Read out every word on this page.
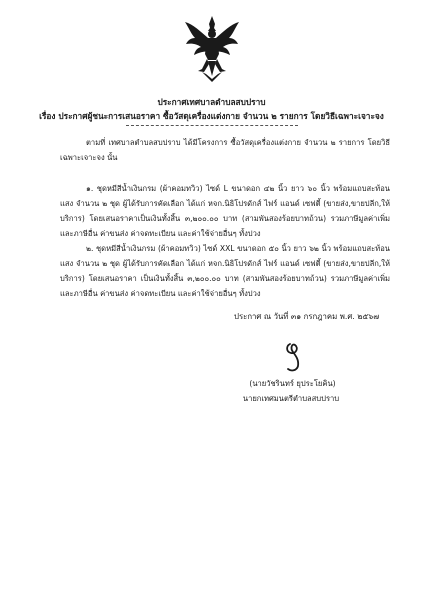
ประกาศเทศบาลตำบลสบปราบ
เรื่อง ประกาศผู้ชนะการเสนอราคา ซื้อวัสดุเครื่องแต่งกาย จำนวน ๒ รายการ โดยวิธีเฉพาะเจาะจง
ตามที่ เทศบาลตำบลสบปราบ ได้มีโครงการ ซื้อวัสดุเครื่องแต่งกาย จำนวน ๒ รายการ โดยวิธีเฉพาะเจาะจง นั้น
๑. ชุดหมีสีน้ำเงินกรม (ผ้าคอมทวิว) ไซด์ L ขนาดอก ๔๒ นิ้ว ยาว ๖๐ นิ้ว พร้อมแถบสะท้อนแสง จำนวน ๒ ชุด ผู้ได้รับการคัดเลือก ได้แก่ หจก.นิธิโปรดักส์ ไฟร์ แอนด์ เซฟตี้ (ขายส่ง,ขายปลีก,ให้บริการ) โดยเสนอราคาเป็นเงินทั้งสิ้น ๓,๒๐๐.๐๐ บาท (สามพันสองร้อยบาทถ้วน) รวมภาษีมูลค่าเพิ่มและภาษีอื่น ค่าขนส่ง ค่าจดทะเบียน และค่าใช้จ่ายอื่นๆ ทั้งปวง
๒. ชุดหมีสีน้ำเงินกรม (ผ้าคอมทวิว) ไซด์ XXL ขนาดอก ๕๐ นิ้ว ยาว ๖๒ นิ้ว พร้อมแถบสะท้อนแสง จำนวน ๒ ชุด ผู้ได้รับการคัดเลือก ได้แก่ หจก.นิธิโปรดักส์ ไฟร์ แอนด์ เซฟตี้ (ขายส่ง,ขายปลีก,ให้บริการ) โดยเสนอราคา เป็นเงินทั้งสิ้น ๓,๒๐๐.๐๐ บาท (สามพันสองร้อยบาทถ้วน) รวมภาษีมูลค่าเพิ่มและภาษีอื่น ค่าขนส่ง ค่าจดทะเบียน และค่าใช้จ่ายอื่นๆ ทั้งปวง
ประกาศ ณ วันที่ ๓๑ กรกฎาคม พ.ศ. ๒๕๖๗
(นายวัชรินทร์ ยุประโยคิน)
นายกเทศมนตรีตำบลสบปราบ
